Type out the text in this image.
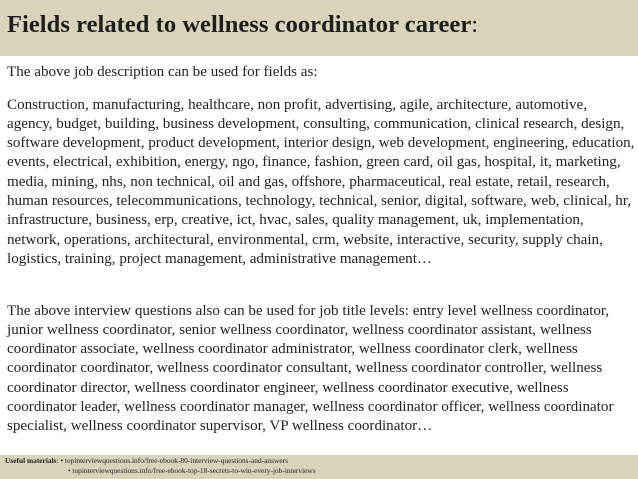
Fields related to wellness coordinator career:

The above job description can be used for fields as:

Construction, manufacturing, healthcare, non profit, advertising, agile, architecture, automotive, agency, budget, building, business development, consulting, communication, clinical research, design, software development, product development, interior design, web development, engineering, education, events, electrical, exhibition, energy, ngo, finance, fashion, green card, oil gas, hospital, it, marketing, media, mining, nhs, non technical, oil and gas, offshore, pharmaceutical, real estate, retail, research, human resources, telecommunications, technology, technical, senior, digital, software, web, clinical, hr, infrastructure, business, erp, creative, ict, hvac, sales, quality management, uk, implementation, network, operations, architectural, environmental, crm, website, interactive, security, supply chain, logistics, training, project management, administrative management…

The above interview questions also can be used for job title levels: entry level wellness coordinator, junior wellness coordinator, senior wellness coordinator, wellness coordinator assistant, wellness coordinator associate, wellness coordinator administrator, wellness coordinator clerk, wellness coordinator coordinator, wellness coordinator consultant, wellness coordinator controller, wellness coordinator director, wellness coordinator engineer, wellness coordinator executive, wellness coordinator leader, wellness coordinator manager, wellness coordinator officer, wellness coordinator specialist, wellness coordinator supervisor, VP wellness coordinator…

Useful materials: • topinterviewquestions.info/free-ebook-80-interview-questions-and-answers
• topinterviewquestions.info/free-ebook-top-18-secrets-to-win-every-job-interviews
